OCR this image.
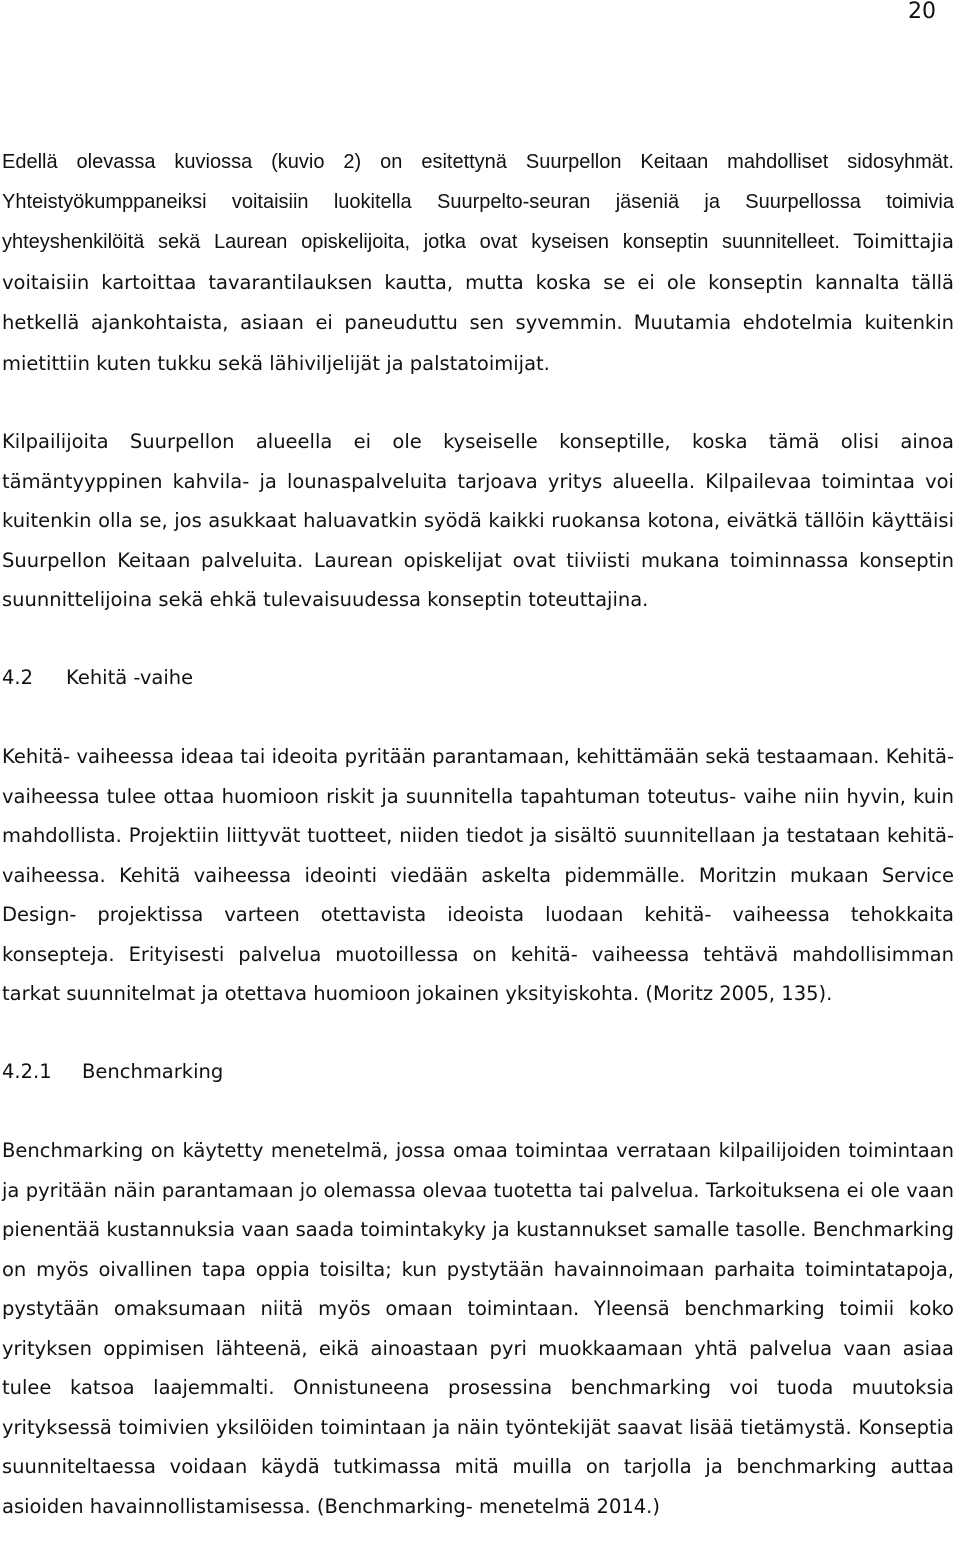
20

Edellä olevassa kuviossa (kuvio 2) on esitettynä Suurpellon Keitaan mahdolliset sidosyhmät. Yhteistyökumppaneiksi voitaisiin luokitella Suurpelto-seuran jäseniä ja Suurpellossa toimivia yhteyshenkilöitä sekä Laurean opiskelijoita, jotka ovat kyseisen konseptin suunnitelleet. Toimittajia voitaisiin kartoittaa tavarantilauksen kautta, mutta koska se ei ole konseptin kannalta tällä hetkellä ajankohtaista, asiaan ei paneuduttu sen syvemmin. Muutamia ehdotelmia kuitenkin mietittiin kuten tukku sekä lähiviljelijät ja palstatoimijat.

Kilpailijoita Suurpellon alueella ei ole kyseiselle konseptille, koska tämä olisi ainoa tämäntyyppinen kahvila- ja lounaspalveluita tarjoava yritys alueella. Kilpailevaa toimintaa voi kuitenkin olla se, jos asukkaat haluavatkin syödä kaikki ruokansa kotona, eivätkä tällöin käyttäisi Suurpellon Keitaan palveluita. Laurean opiskelijat ovat tiiviisti mukana toiminnassa konseptin suunnittelijoina sekä ehkä tulevaisuudessa konseptin toteuttajina.

4.2 Kehitä -vaihe

Kehitä- vaiheessa ideaa tai ideoita pyritään parantamaan, kehittämään sekä testaamaan. Kehitä- vaiheessa tulee ottaa huomioon riskit ja suunnitella tapahtuman toteutus- vaihe niin hyvin, kuin mahdollista. Projektiin liittyvät tuotteet, niiden tiedot ja sisältö suunnitellaan ja testataan kehitä- vaiheessa. Kehitä vaiheessa ideointi viedään askelta pidemmälle. Moritzin mukaan Service Design- projektissa varteen otettavista ideoista luodaan kehitä- vaiheessa tehokkaita konsepteja. Erityisesti palvelua muotoillessa on kehitä- vaiheessa tehtävä mahdollisimman tarkat suunnitelmat ja otettava huomioon jokainen yksityiskohta. (Moritz 2005, 135).

4.2.1 Benchmarking

Benchmarking on käytetty menetelmä, jossa omaa toimintaa verrataan kilpailijoiden toimintaan ja pyritään näin parantamaan jo olemassa olevaa tuotetta tai palvelua. Tarkoituksena ei ole vaan pienentää kustannuksia vaan saada toimintakyky ja kustannukset samalle tasolle. Benchmarking on myös oivallinen tapa oppia toisilta; kun pystytään havainnoimaan parhaita toimintatapoja, pystytään omaksumaan niitä myös omaan toimintaan. Yleensä benchmarking toimii koko yrityksen oppimisen lähteenä, eikä ainoastaan pyri muokkaamaan yhtä palvelua vaan asiaa tulee katsoa laajemmalti. Onnistuneena prosessina benchmarking voi tuoda muutoksia yrityksessä toimivien yksilöiden toimintaan ja näin työntekijät saavat lisää tietämystä. Konseptia suunniteltaessa voidaan käydä tutkimassa mitä muilla on tarjolla ja benchmarking auttaa asioiden havainnollistamisessa. (Benchmarking- menetelmä 2014.)
